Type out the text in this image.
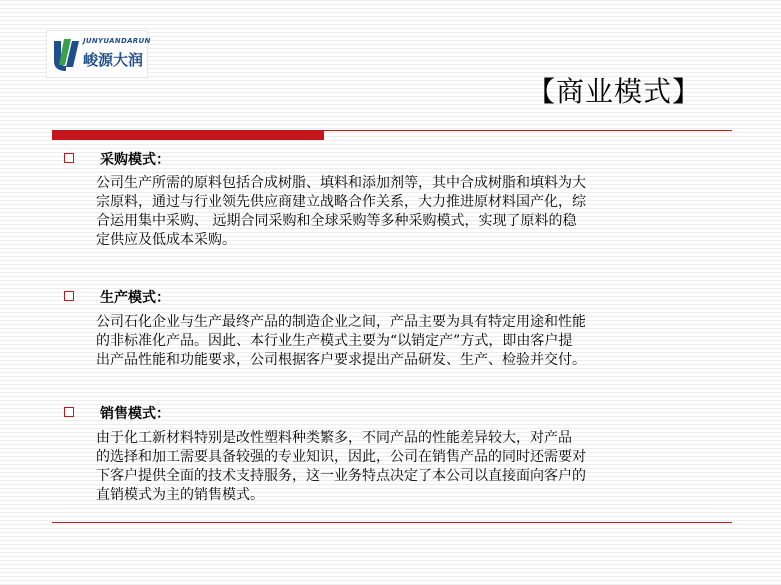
JUNYUANDARUN
峻源大润
【商业模式】
采购模式：
公司生产所需的原料包括合成树脂、填料和添加剂等，其中合成树脂和填料为大
宗原料，通过与行业领先供应商建立战略合作关系，大力推进原材料国产化，综
合运用集中采购、 远期合同采购和全球采购等多种采购模式，实现了原料的稳
定供应及低成本采购。
生产模式：
公司石化企业与生产最终产品的制造企业之间，产品主要为具有特定用途和性能
的非标准化产品。因此、本行业生产模式主要为“以销定产”方式，即由客户提
出产品性能和功能要求，公司根据客户要求提出产品研发、生产、检验并交付。
销售模式：
由于化工新材料特别是改性塑料种类繁多，不同产品的性能差异较大，对产品
的选择和加工需要具备较强的专业知识，因此，公司在销售产品的同时还需要对
下客户提供全面的技术支持服务，这一业务特点决定了本公司以直接面向客户的
直销模式为主的销售模式。
